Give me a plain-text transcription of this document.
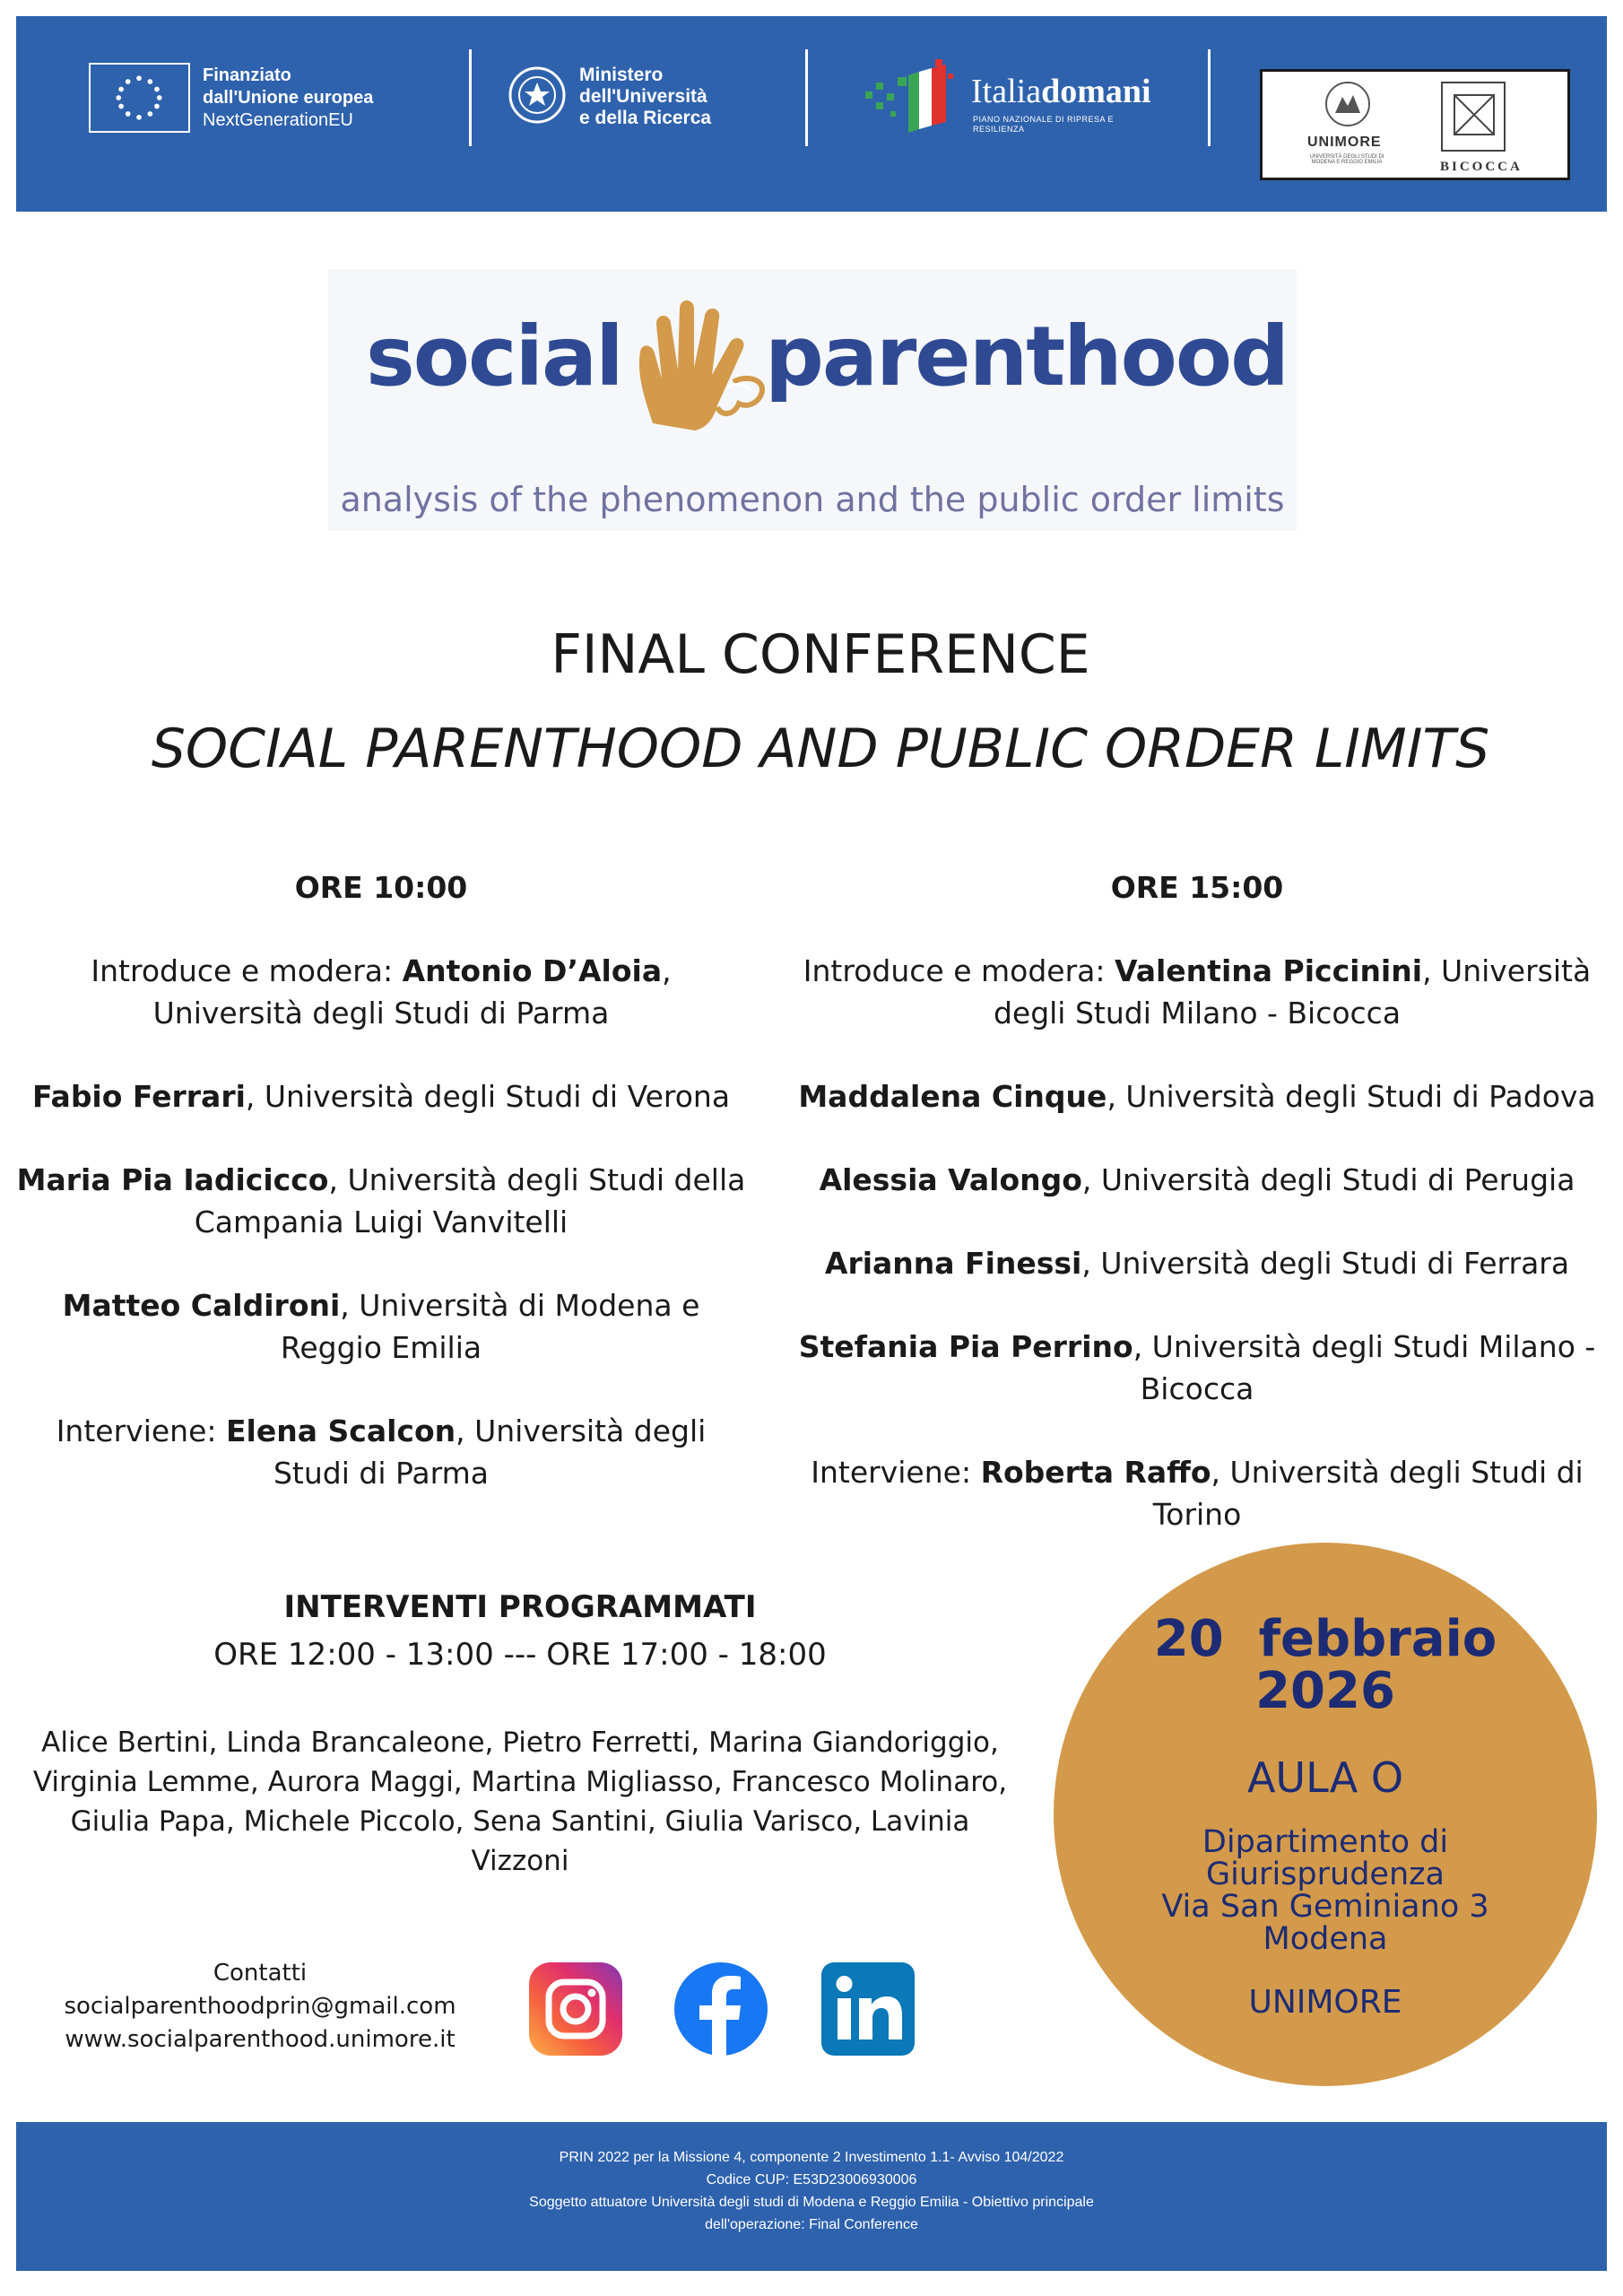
Finanziato
dall'Unione europea
NextGenerationEU
Ministero
dell'Università
e della Ricerca
Italiadomani
PIANO NAZIONALE DI RIPRESA E RESILIENZA
UNIMORE
UNIVERSITÀ DEGLI STUDI DI MODENA E REGGIO EMILIA	BICOCCA
social parenthood
analysis of the phenomenon and the public order limits
FINAL CONFERENCE
SOCIAL PARENTHOOD AND PUBLIC ORDER LIMITS

ORE 10:00

Introduce e modera: Antonio D’Aloia, Università degli Studi di Parma

Fabio Ferrari, Università degli Studi di Verona

Maria Pia Iadicicco, Università degli Studi della Campania Luigi Vanvitelli

Matteo Caldironi, Università di Modena e Reggio Emilia

Interviene: Elena Scalcon, Università degli Studi di Parma

ORE 15:00

Introduce e modera: Valentina Piccinini, Università degli Studi Milano - Bicocca

Maddalena Cinque, Università degli Studi di Padova

Alessia Valongo, Università degli Studi di Perugia

Arianna Finessi, Università degli Studi di Ferrara

Stefania Pia Perrino, Università degli Studi Milano - Bicocca

Interviene: Roberta Raffo, Università degli Studi di Torino

INTERVENTI PROGRAMMATI
ORE 12:00 - 13:00 --- ORE 17:00 - 18:00
Alice Bertini, Linda Brancaleone, Pietro Ferretti, Marina Giandoriggio, Virginia Lemme, Aurora Maggi, Martina Migliasso, Francesco Molinaro, Giulia Papa, Michele Piccolo, Sena Santini, Giulia Varisco, Lavinia Vizzoni
20  febbraio
2026
AULA O
Dipartimento di
Giurisprudenza
Via San Geminiano 3
Modena
UNIMORE
Contatti
socialparenthoodprin@gmail.com
www.socialparenthood.unimore.it
PRIN 2022 per la Missione 4, componente 2 Investimento 1.1- Avviso 104/2022
Codice CUP: E53D23006930006
Soggetto attuatore Università degli studi di Modena e Reggio Emilia - Obiettivo principale
dell'operazione: Final Conference
